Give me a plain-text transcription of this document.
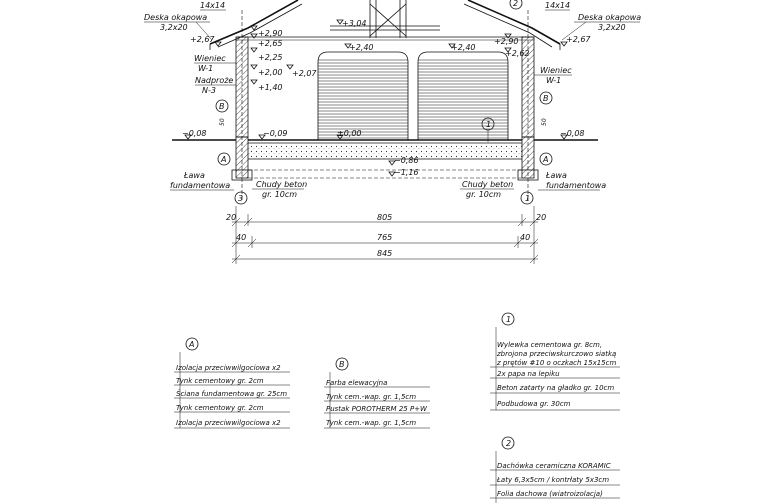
14x14	14x14
Deska okapowa
3,2x20
Deska okapowa
3,2x20
+3,04
+2,90
+2,65
+2,25
+2,00
+1,40
+2,07
+2,67
+2,40	+2,40
+2,90
+2,62
+2,67
Wieniec
W-1
Nadproże
N-3
Wieniec
W-1
B
B
50	50
−0,08	−0,09	±0,00	−0,08
−0,86
−1,16
1
2
A	A
Ława
fundamentowa	Chudy beton
gr. 10cm
Ława
fundamentowa
Chudy beton
gr. 10cm
3	1
20	805	20
40	765	40
845
A
Izolacja przeciwwilgociowa x2
Tynk cementowy gr. 2cm
Ściana fundamentowa gr. 25cm
Tynk cementowy gr. 2cm
Izolacja przeciwwilgociowa x2
B
Farba elewacyjna
Tynk cem.-wap. gr. 1,5cm
Pustak POROTHERM 25 P+W
Tynk cem.-wap. gr. 1,5cm
1
Wylewka cementowa gr. 8cm,
zbrojona przeciwskurczowo siatką
z prętów #10 o oczkach 15x15cm
2x papa na lepiku
Beton zatarty na gładko gr. 10cm
Podbudowa gr. 30cm
2
Dachówka ceramiczna KORAMIC
Łaty 6,3x5cm / kontrłaty 5x3cm
Folia dachowa (wiatroizolacja)
